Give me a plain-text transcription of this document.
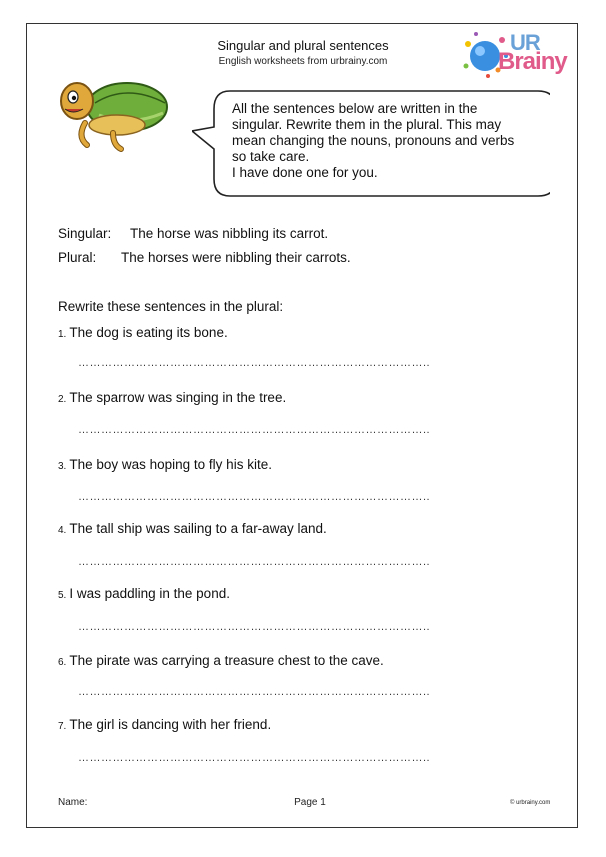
Singular and plural sentences
English worksheets from urbrainy.com
UR
Brainy
All the sentences below are written in the
singular. Rewrite them in the plural. This may
mean changing the nouns, pronouns and verbs
so take care.
I have done one for you.
Singular: The horse was nibbling its carrot.
Plural: The horses were nibbling their carrots.
Rewrite these sentences in the plural:
1. The dog is eating its bone.
………………………………………………………………………………..
2. The sparrow was singing in the tree.
………………………………………………………………………………..
3. The boy was hoping to fly his kite.
………………………………………………………………………………..
4. The tall ship was sailing to a far-away land.
………………………………………………………………………………..
5. I was paddling in the pond.
………………………………………………………………………………..
6. The pirate was carrying a treasure chest to the cave.
………………………………………………………………………………..
7. The girl is dancing with her friend.
………………………………………………………………………………..
Name:	Page 1	© urbrainy.com
